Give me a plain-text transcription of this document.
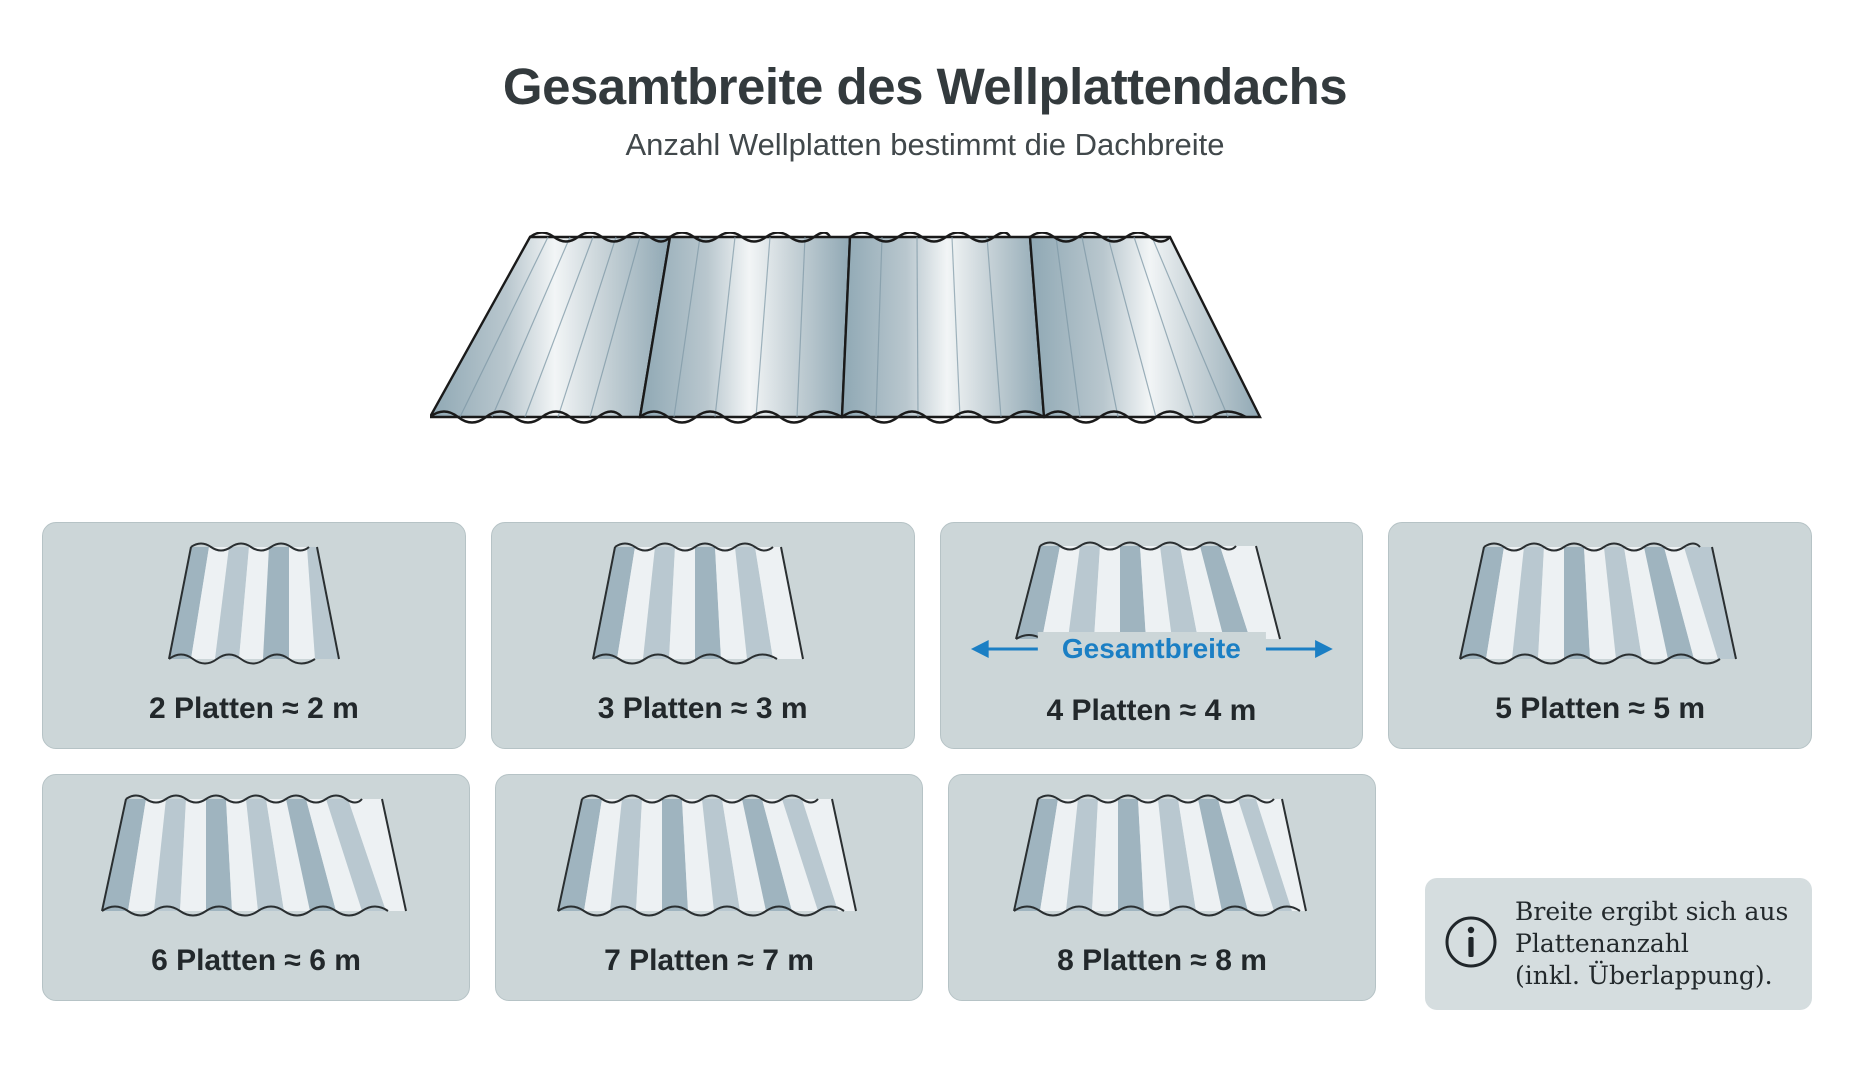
Gesamtbreite des Wellplattendachs

Anzahl Wellplatten bestimmt die Dachbreite

2 Platten ≈ 2 m	3 Platten ≈ 3 m
Gesamtbreite
4 Platten ≈ 4 m	5 Platten ≈ 5 m
6 Platten ≈ 6 m	7 Platten ≈ 7 m	8 Platten ≈ 8 m
Breite ergibt sich aus
Plattenanzahl
(inkl. Überlappung).
